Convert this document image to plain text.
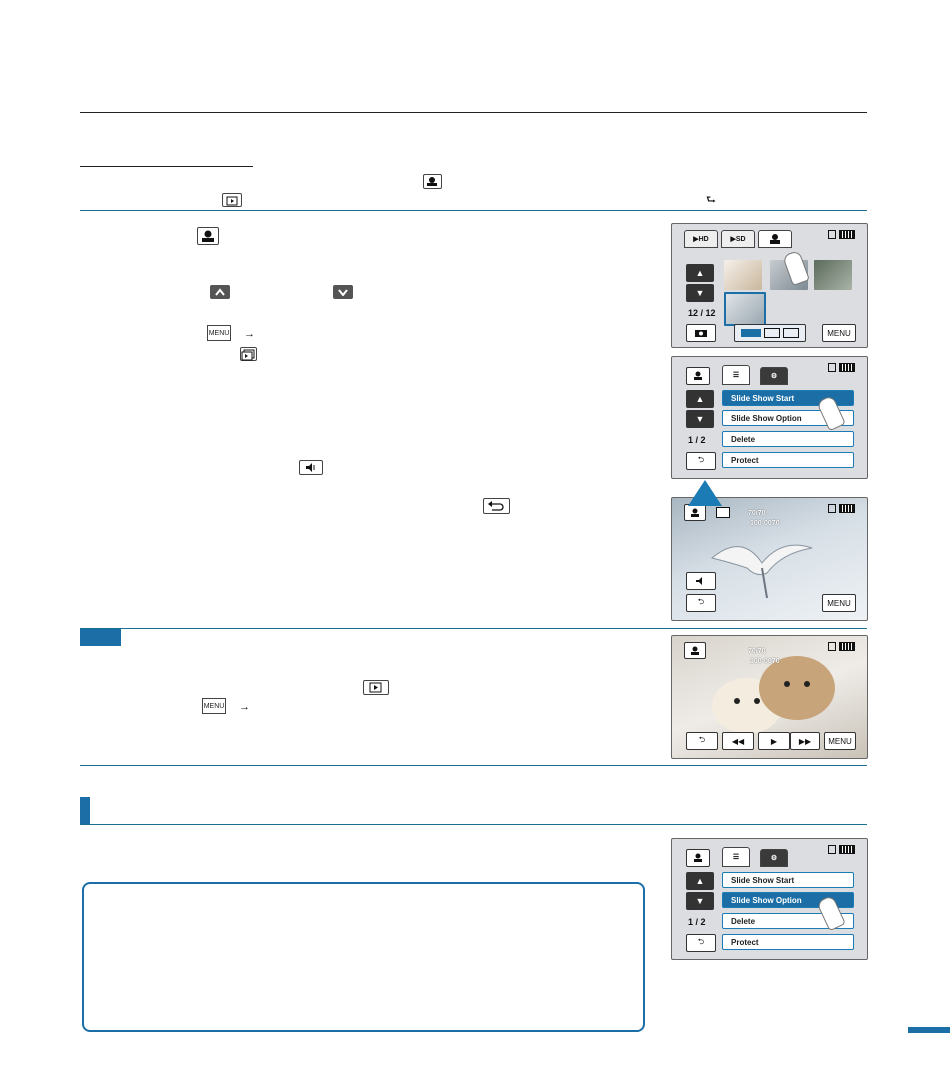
⮑
MENU →
MENU →
▶ HD	▶ SD
▲
▼
12 / 12
MENU
☰	⚙
▲
▼
Slide Show Start
Slide Show Option
Delete
Protect
1 / 2
⮌
70/70
100-0070
⮌	MENU
70/70
100-0070
⮌	◀◀	▶	▶▶	MENU
☰	⚙
▲
▼
Slide Show Start
Slide Show Option
Delete
Protect
1 / 2
⮌
